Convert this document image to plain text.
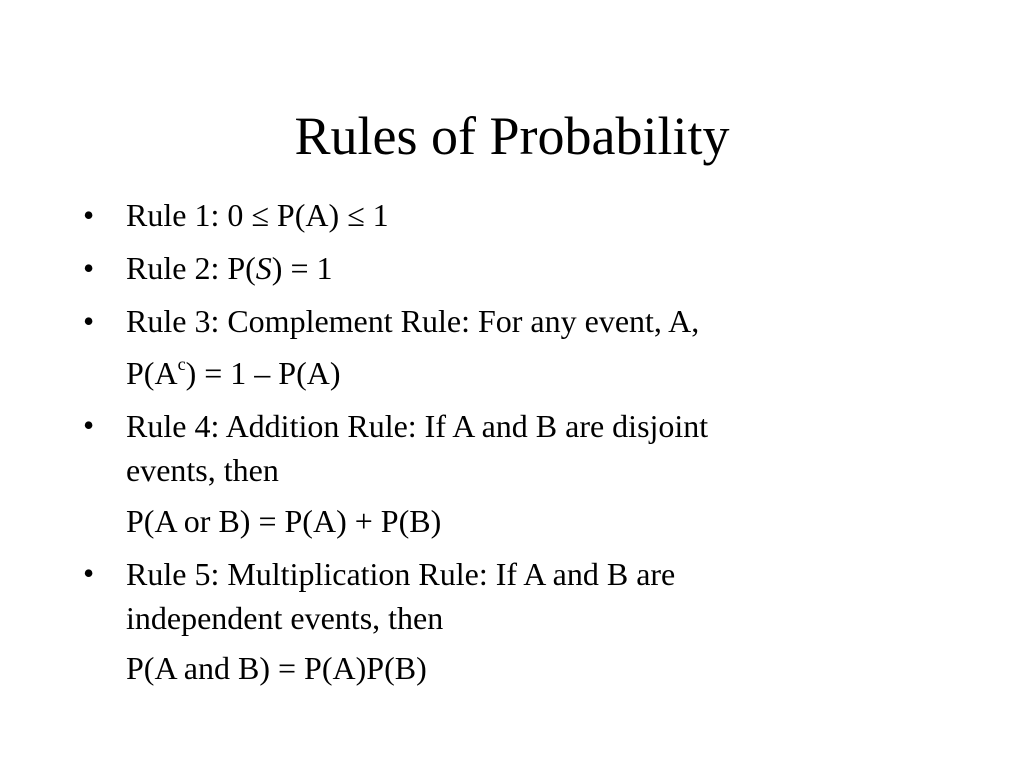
Rules of Probability
• Rule 1: 0 ≤ P(A) ≤ 1
• Rule 2: P(S) = 1
• Rule 3: Complement Rule: For any event, A,
$P(A^c) = 1 - P(A)$
• Rule 4: Addition Rule: If A and B are disjoint
events, then
P(A or B) = P(A) + P(B)
• Rule 5: Multiplication Rule: If A and B are
independent events, then
P(A and B) = P(A)P(B)
